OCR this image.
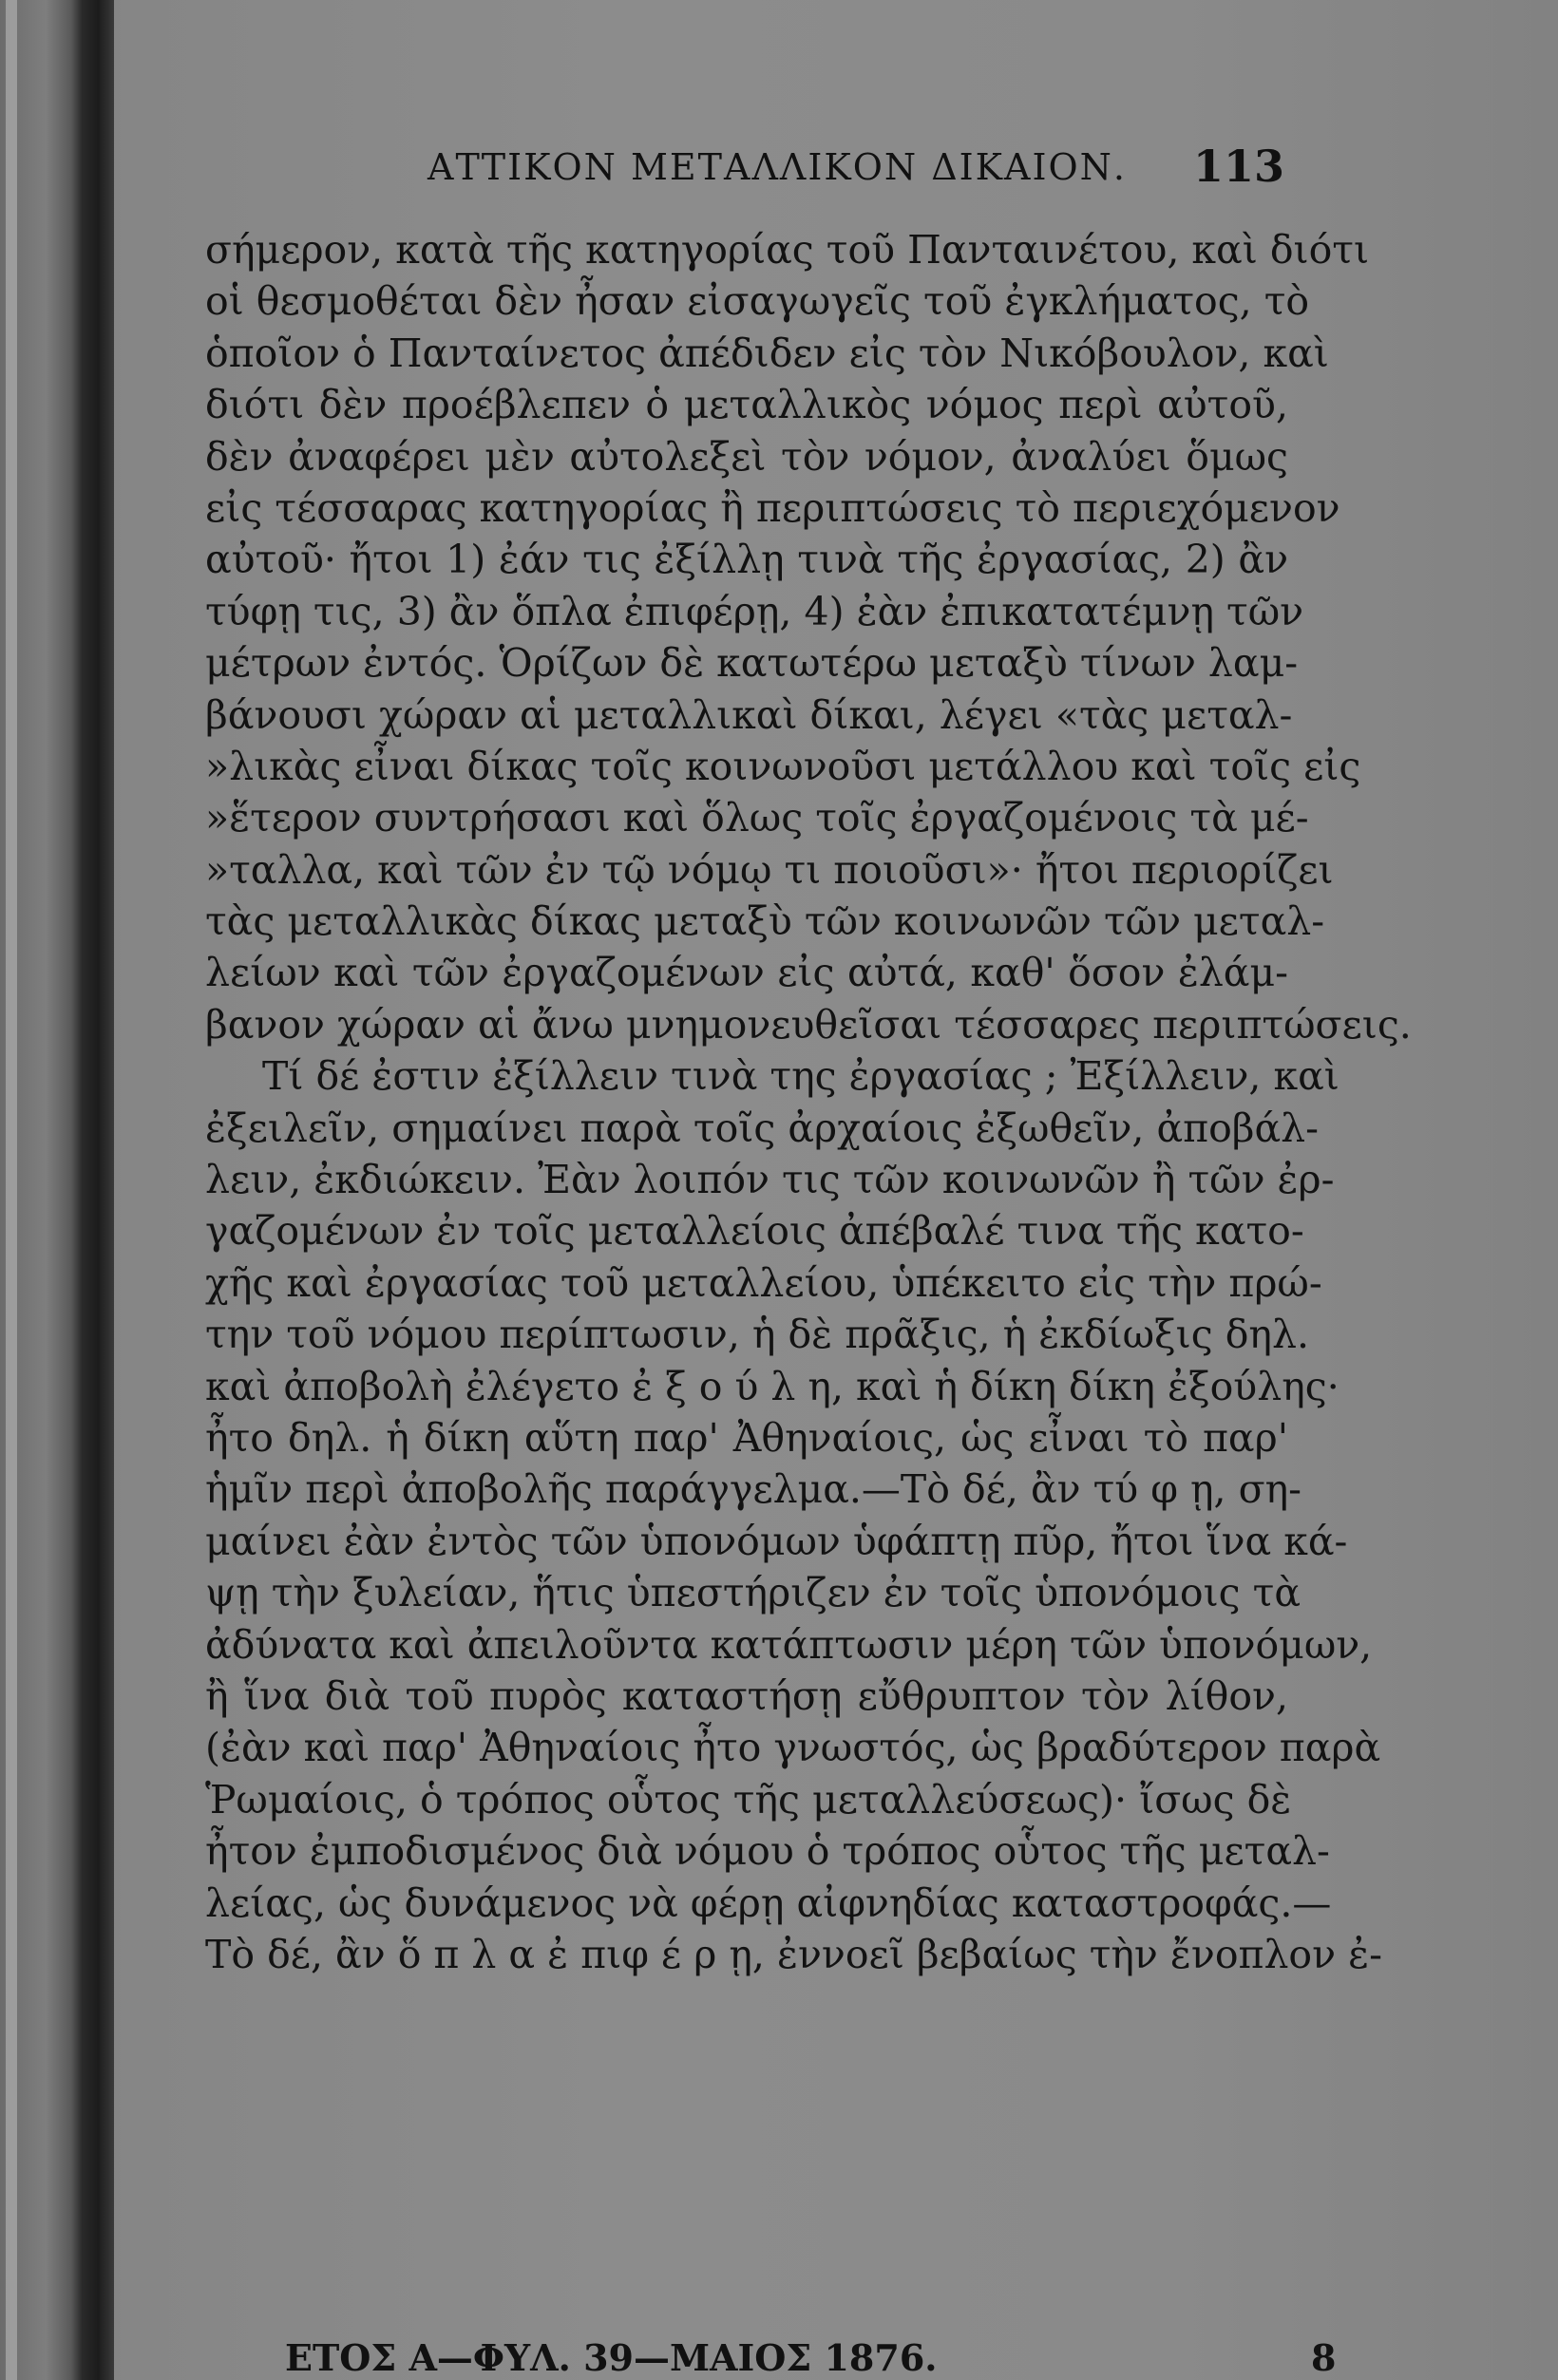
ΑΤΤΙΚΟΝ ΜΕΤΑΛΛΙΚΟΝ ΔΙΚΑΙΟΝ. 113
σήμερον, κατὰ τῆς κατηγορίας τοῦ Πανταινέτου, καὶ διότι
οἱ θεσμοθέται δὲν ἦσαν εἰσαγωγεῖς τοῦ ἐγκλήματος, τὸ
ὁποῖον ὁ Πανταίνετος ἀπέδιδεν εἰς τὸν Νικόβουλον, καὶ
διότι δὲν προέβλεπεν ὁ μεταλλικὸς νόμος περὶ αὐτοῦ,
δὲν ἀναφέρει μὲν αὐτολεξεὶ τὸν νόμον, ἀναλύει ὅμως
εἰς τέσσαρας κατηγορίας ἢ περιπτώσεις τὸ περιεχόμενον
αὐτοῦ· ἤτοι 1) ἐάν τις ἐξίλλῃ τινὰ τῆς ἐργασίας, 2) ἂν
τύφῃ τις, 3) ἂν ὅπλα ἐπιφέρῃ, 4) ἐὰν ἐπικατατέμνῃ τῶν
μέτρων ἐντός. Ὁρίζων δὲ κατωτέρω μεταξὺ τίνων λαμ-
βάνουσι χώραν αἱ μεταλλικαὶ δίκαι, λέγει «τὰς μεταλ-
»λικὰς εἶναι δίκας τοῖς κοινωνοῦσι μετάλλου καὶ τοῖς εἰς
»ἕτερον συντρήσασι καὶ ὅλως τοῖς ἐργαζομένοις τὰ μέ-
»ταλλα, καὶ τῶν ἐν τῷ νόμῳ τι ποιοῦσι»· ἤτοι περιορίζει
τὰς μεταλλικὰς δίκας μεταξὺ τῶν κοινωνῶν τῶν μεταλ-
λείων καὶ τῶν ἐργαζομένων εἰς αὐτά, καθ' ὅσον ἐλάμ-
βανον χώραν αἱ ἄνω μνημονευθεῖσαι τέσσαρες περιπτώσεις.
Τί δέ ἐστιν ἐξίλλειν τινὰ της ἐργασίας ; Ἐξίλλειν, καὶ
ἐξειλεῖν, σημαίνει παρὰ τοῖς ἀρχαίοις ἐξωθεῖν, ἀποβάλ-
λειν, ἐκδιώκειν. Ἐὰν λοιπόν τις τῶν κοινωνῶν ἢ τῶν ἐρ-
γαζομένων ἐν τοῖς μεταλλείοις ἀπέβαλέ τινα τῆς κατο-
χῆς καὶ ἐργασίας τοῦ μεταλλείου, ὑπέκειτο εἰς τὴν πρώ-
την τοῦ νόμου περίπτωσιν, ἡ δὲ πρᾶξις, ἡ ἐκδίωξις δηλ.
καὶ ἀποβολὴ ἐλέγετο ἐ ξ ο ύ λ η, καὶ ἡ δίκη δίκη ἐξούλης·
ἦτο δηλ. ἡ δίκη αὕτη παρ' Ἀθηναίοις, ὡς εἶναι τὸ παρ'
ἡμῖν περὶ ἀποβολῆς παράγγελμα.—Τὸ δέ, ἂν τύ φ ῃ, ση-
μαίνει ἐὰν ἐντὸς τῶν ὑπονόμων ὑφάπτῃ πῦρ, ἤτοι ἵνα κά-
ψῃ τὴν ξυλείαν, ἥτις ὑπεστήριζεν ἐν τοῖς ὑπονόμοις τὰ
ἀδύνατα καὶ ἀπειλοῦντα κατάπτωσιν μέρη τῶν ὑπονόμων,
ἢ ἵνα διὰ τοῦ πυρὸς καταστήσῃ εὔθρυπτον τὸν λίθον,
(ἐὰν καὶ παρ' Ἀθηναίοις ἦτο γνωστός, ὡς βραδύτερον παρὰ
Ῥωμαίοις, ὁ τρόπος οὗτος τῆς μεταλλεύσεως)· ἴσως δὲ
ἦτον ἐμποδισμένος διὰ νόμου ὁ τρόπος οὗτος τῆς μεταλ-
λείας, ὡς δυνάμενος νὰ φέρῃ αἰφνηδίας καταστροφάς.—
Τὸ δέ, ἂν ὅ π λ α ἐ πιφ έ ρ ῃ, ἐννοεῖ βεβαίως τὴν ἔνοπλον ἐ-
ΕΤΟΣ Α—ΦΥΛ. 39—ΜΑΙΟΣ 1876.	8
